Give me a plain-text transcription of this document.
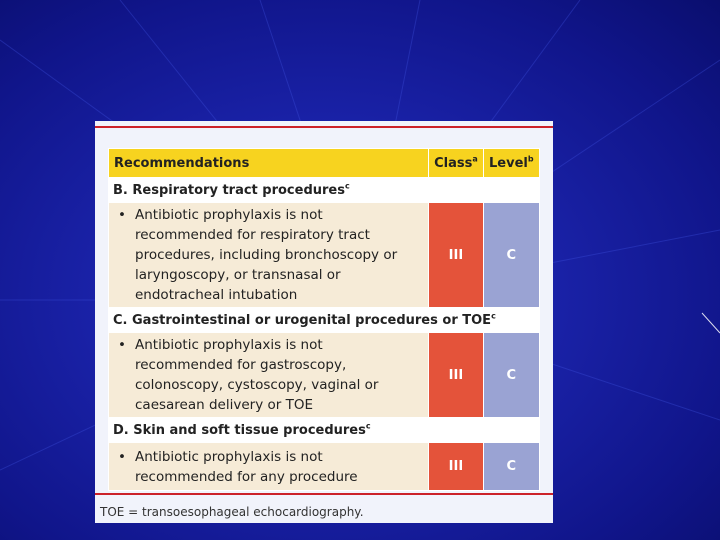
Recommendations	Class$^a$	Level$^b$
B. Respiratory tract procedures$^c$

• Antibiotic prophylaxis is not recommended for respiratory tract procedures, including bronchoscopy or laryngoscopy, or transnasal or endotracheal intubation	III	C
C. Gastrointestinal or urogenital procedures or TOE$^c$

• Antibiotic prophylaxis is not recommended for gastroscopy, colonoscopy, cystoscopy, vaginal or caesarean delivery or TOE	III	C
D. Skin and soft tissue procedures$^c$

• Antibiotic prophylaxis is not recommended for any procedure	III	C
TOE = transoesophageal echocardiography.
